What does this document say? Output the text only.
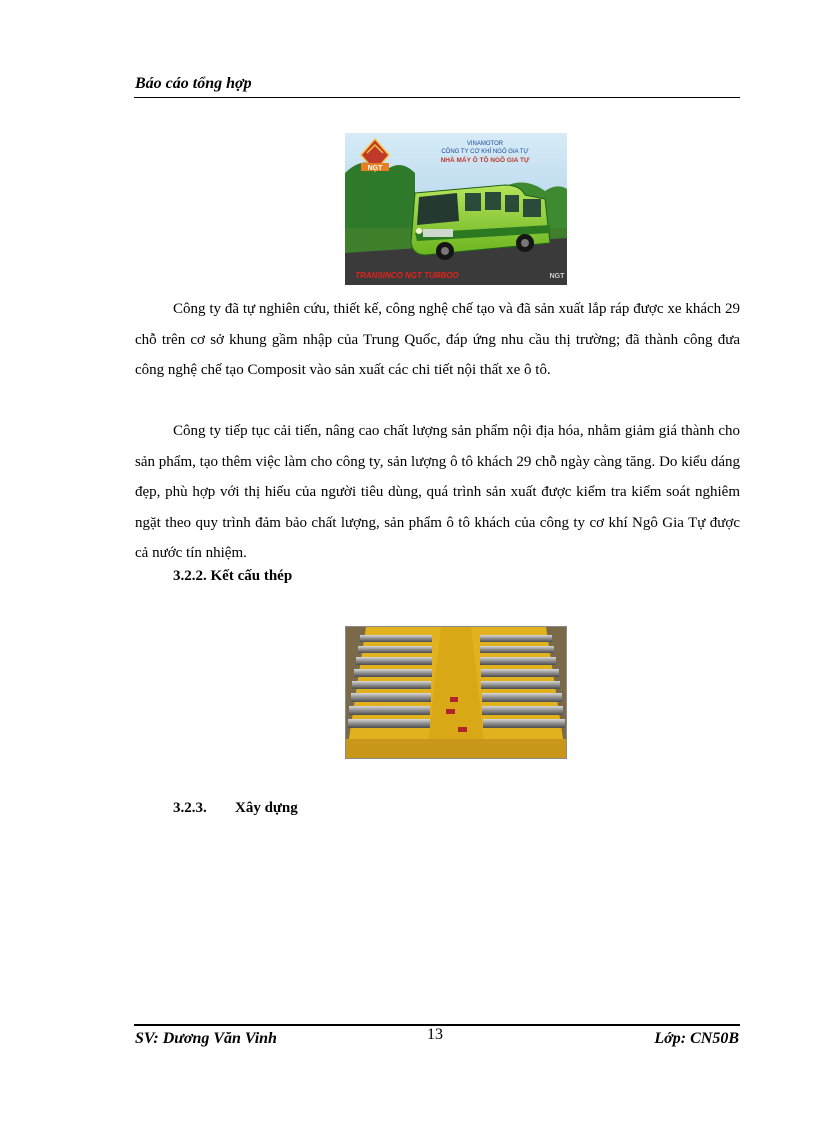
Báo cáo tổng hợp
NGT
VINAMOTOR
CÔNG TY CƠ KHÍ NGÔ GIA TỰ
NHÀ MÁY Ô TÔ NGÔ GIA TỰ
TRANSINCO NGT TURBOO	NGT

Công ty đã tự nghiên cứu, thiết kế, công nghệ chế tạo và đã sản xuất lắp ráp được xe khách 29 chỗ trên cơ sở khung gầm nhập của Trung Quốc, đáp ứng nhu cầu thị trường; đã thành công đưa công nghệ chế tạo Composit vào sản xuất các chi tiết nội thất xe ô tô.

Công ty tiếp tục cải tiến, nâng cao chất lượng sản phẩm nội địa hóa, nhằm giảm giá thành cho sản phẩm, tạo thêm việc làm cho công ty, sản lượng ô tô khách 29 chỗ ngày càng tăng. Do kiểu dáng đẹp, phù hợp với thị hiếu của người tiêu dùng, quá trình sản xuất được kiểm tra kiểm soát nghiêm ngặt theo quy trình đảm bảo chất lượng, sản phẩm ô tô khách của công ty cơ khí Ngô Gia Tự được cả nước tín nhiệm.

3.2.2. Kết cấu thép
3.2.3. Xây dựng
SV: Dương Văn Vinh	13	Lớp: CN50B
